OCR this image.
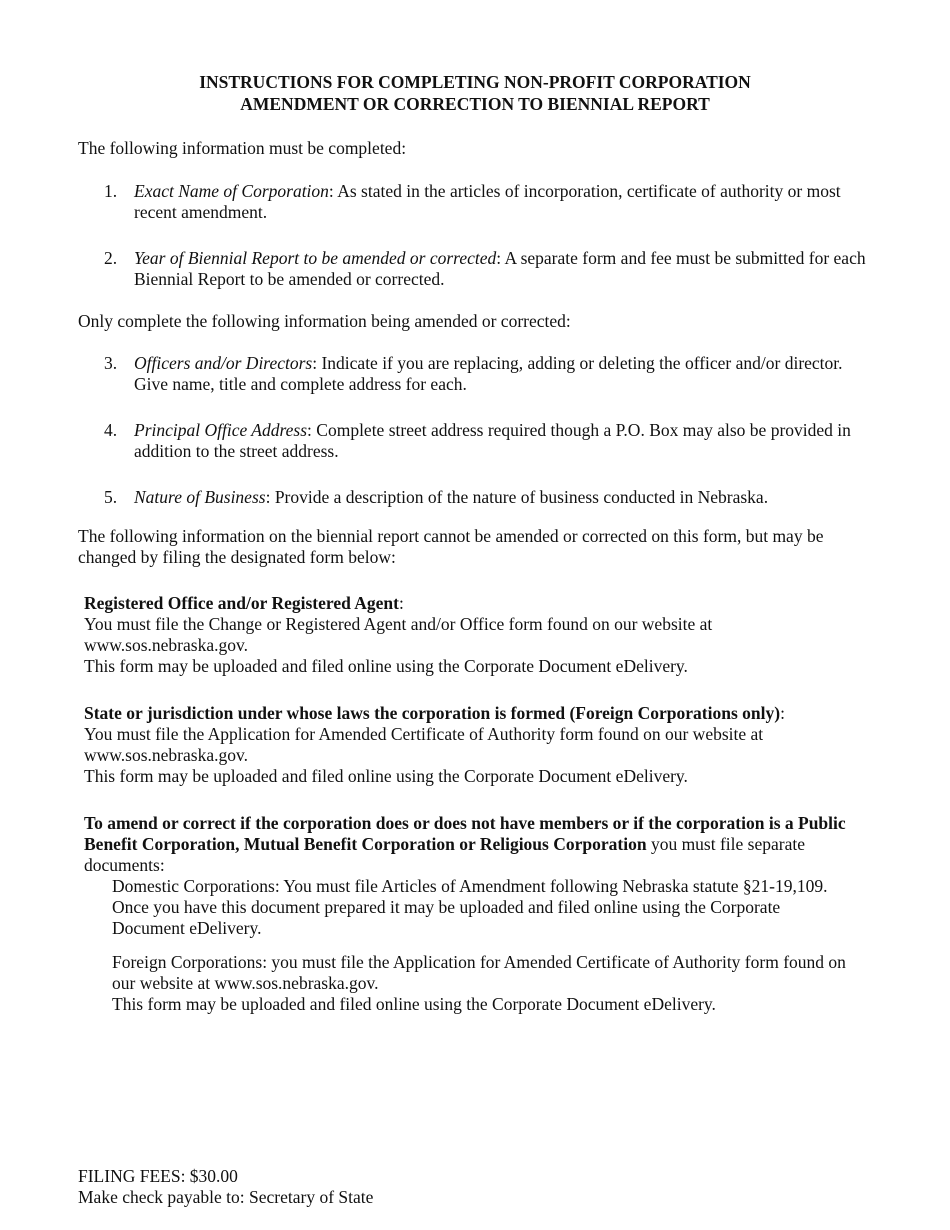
INSTRUCTIONS FOR COMPLETING NON-PROFIT CORPORATION
AMENDMENT OR CORRECTION TO BIENNIAL REPORT
The following information must be completed:
1. Exact Name of Corporation: As stated in the articles of incorporation, certificate of authority or most recent amendment.
2. Year of Biennial Report to be amended or corrected: A separate form and fee must be submitted for each Biennial Report to be amended or corrected.
Only complete the following information being amended or corrected:
3. Officers and/or Directors: Indicate if you are replacing, adding or deleting the officer and/or director. Give name, title and complete address for each.
4. Principal Office Address: Complete street address required though a P.O. Box may also be provided in addition to the street address.
5. Nature of Business: Provide a description of the nature of business conducted in Nebraska.
The following information on the biennial report cannot be amended or corrected on this form, but may be changed by filing the designated form below:
Registered Office and/or Registered Agent:
You must file the Change or Registered Agent and/or Office form found on our website at
www.sos.nebraska.gov.
This form may be uploaded and filed online using the Corporate Document eDelivery.
State or jurisdiction under whose laws the corporation is formed (Foreign Corporations only):
You must file the Application for Amended Certificate of Authority form found on our website at
www.sos.nebraska.gov.
This form may be uploaded and filed online using the Corporate Document eDelivery.
To amend or correct if the corporation does or does not have members or if the corporation is a Public Benefit Corporation, Mutual Benefit Corporation or Religious Corporation you must file separate documents:
Domestic Corporations: You must file Articles of Amendment following Nebraska statute §21-19,109. Once you have this document prepared it may be uploaded and filed online using the Corporate Document eDelivery.
Foreign Corporations: you must file the Application for Amended Certificate of Authority form found on our website at www.sos.nebraska.gov.
This form may be uploaded and filed online using the Corporate Document eDelivery.
FILING FEES: $30.00
Make check payable to: Secretary of State
